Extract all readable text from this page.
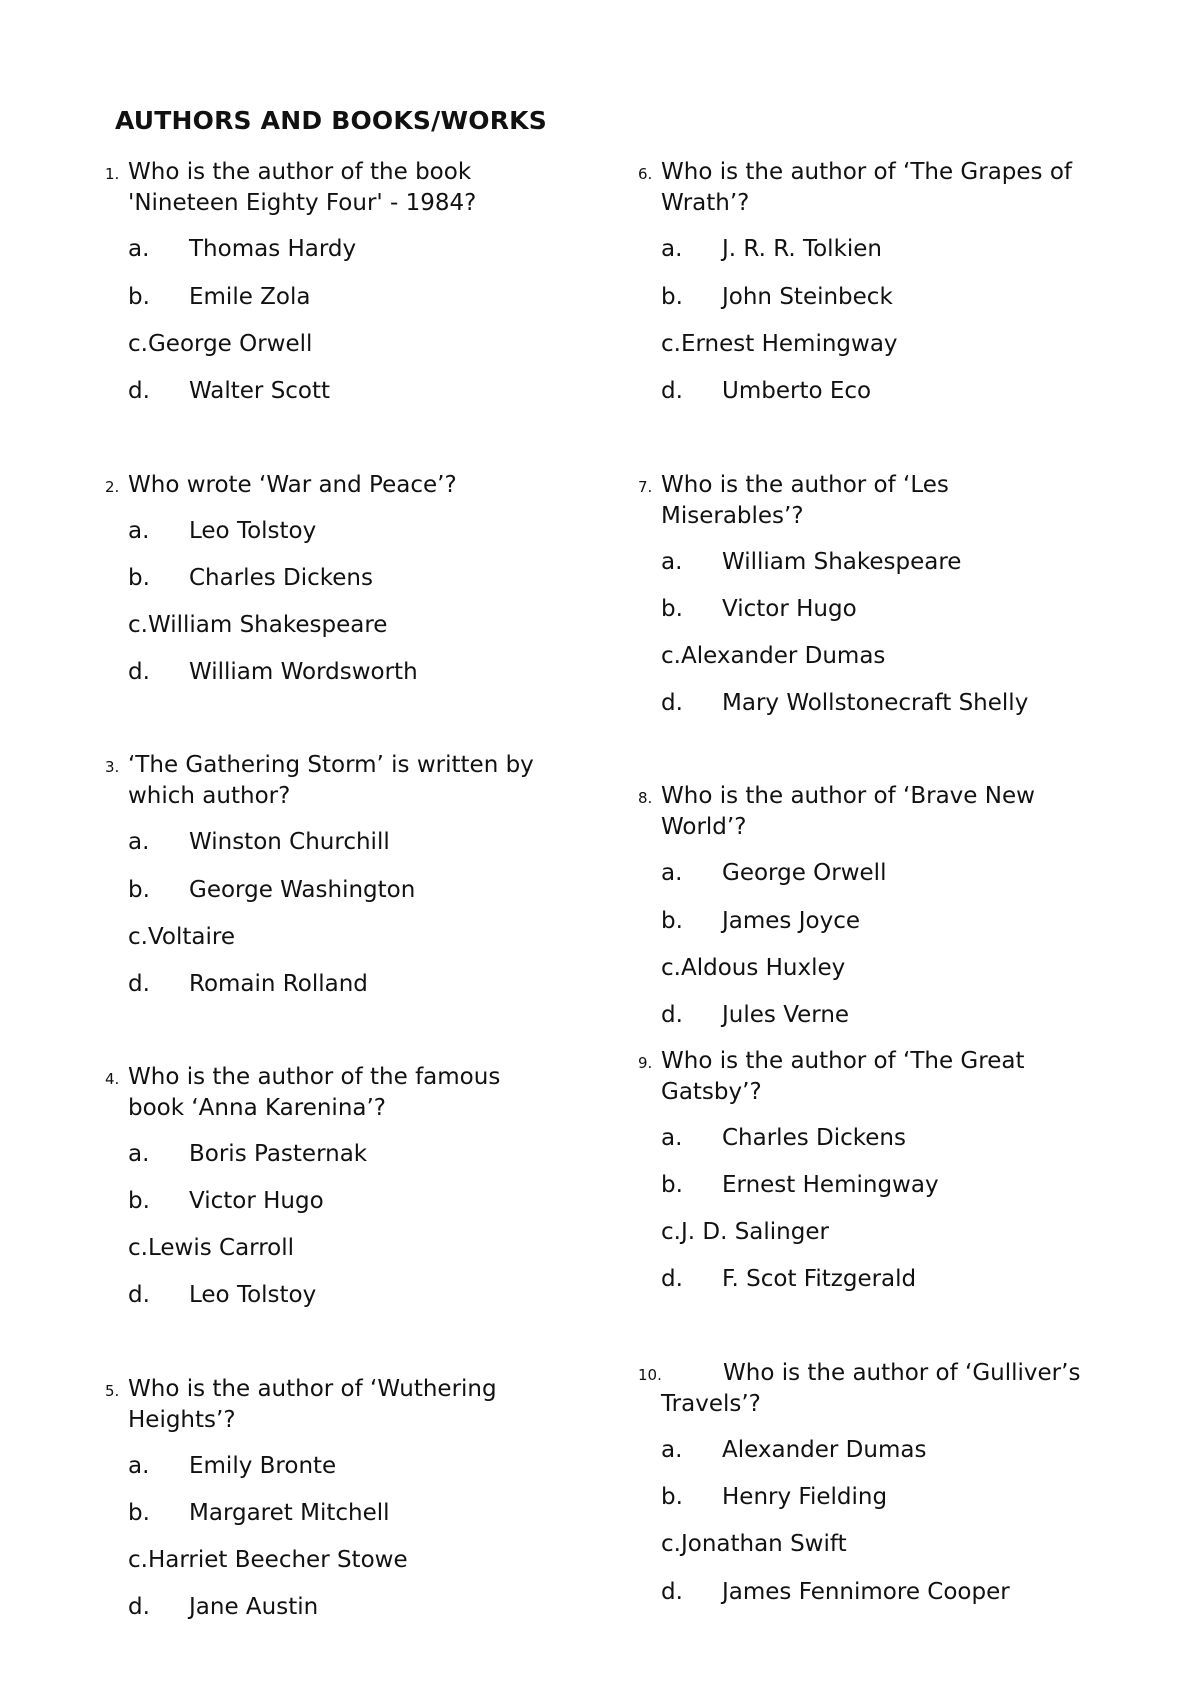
AUTHORS AND BOOKS/WORKS
1. Who is the author of the book 'Nineteen Eighty Four' - 1984?
a. Thomas Hardy
b. Emile Zola
c.George Orwell
d. Walter Scott
2. Who wrote ‘War and Peace’?
a. Leo Tolstoy
b. Charles Dickens
c.William Shakespeare
d. William Wordsworth
3. ‘The Gathering Storm’ is written by which author?
a. Winston Churchill
b. George Washington
c.Voltaire
d. Romain Rolland
4. Who is the author of the famous book ‘Anna Karenina’?
a. Boris Pasternak
b. Victor Hugo
c.Lewis Carroll
d. Leo Tolstoy
5. Who is the author of ‘Wuthering Heights’?
a. Emily Bronte
b. Margaret Mitchell
c.Harriet Beecher Stowe
d. Jane Austin
6. Who is the author of ‘The Grapes of Wrath’?
a. J. R. R. Tolkien
b. John Steinbeck
c.Ernest Hemingway
d. Umberto Eco
7. Who is the author of ‘Les Miserables’?
a. William Shakespeare
b. Victor Hugo
c.Alexander Dumas
d. Mary Wollstonecraft Shelly
8. Who is the author of ‘Brave New World’?
a. George Orwell
b. James Joyce
c.Aldous Huxley
d. Jules Verne
9. Who is the author of ‘The Great Gatsby’?
a. Charles Dickens
b. Ernest Hemingway
c.J. D. Salinger
d. F. Scot Fitzgerald
10.	Who is the author of ‘Gulliver’s Travels’?
a. Alexander Dumas
b. Henry Fielding
c.Jonathan Swift
d. James Fennimore Cooper
